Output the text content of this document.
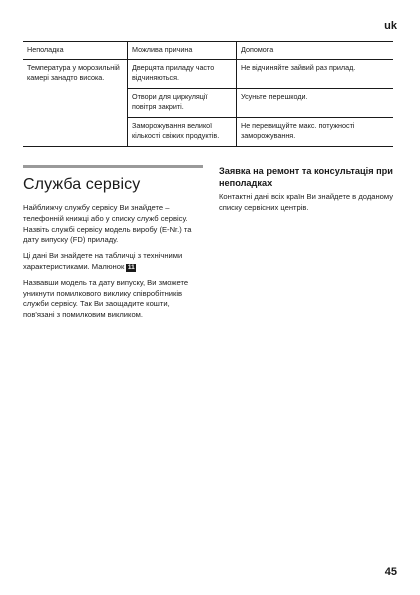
uk
Неполадка	Можлива причина	Допомога
Температура у морозильній камері занадто висока.	Дверцята приладу часто відчиняються.	Не відчиняйте зайвий раз прилад.
	Отвори для циркуляції повітря закриті.	Усуньте перешкоди.
	Заморожування великої кількості свіжих продуктів.	Не перевищуйте макс. потужності заморожування.
Служба сервісу

Найближчу службу сервісу Ви знайдете – телефонній книжці або у списку служб сервісу. Назвіть службі сервісу модель виробу (E-Nr.) та дату випуску (FD) приладу.

Ці дані Ви знайдете на табличці з технічними характеристиками. Малюнок 11

Назвавши модель та дату випуску, Ви зможете уникнути помилкового виклику співробітників служби сервісу. Так Ви заощадите кошти, пов'язані з помилковим викликом.

Заявка на ремонт та консультація при неполадках

Контактні дані всіх країн Ви знайдете в доданому списку сервісних центрів.

45
